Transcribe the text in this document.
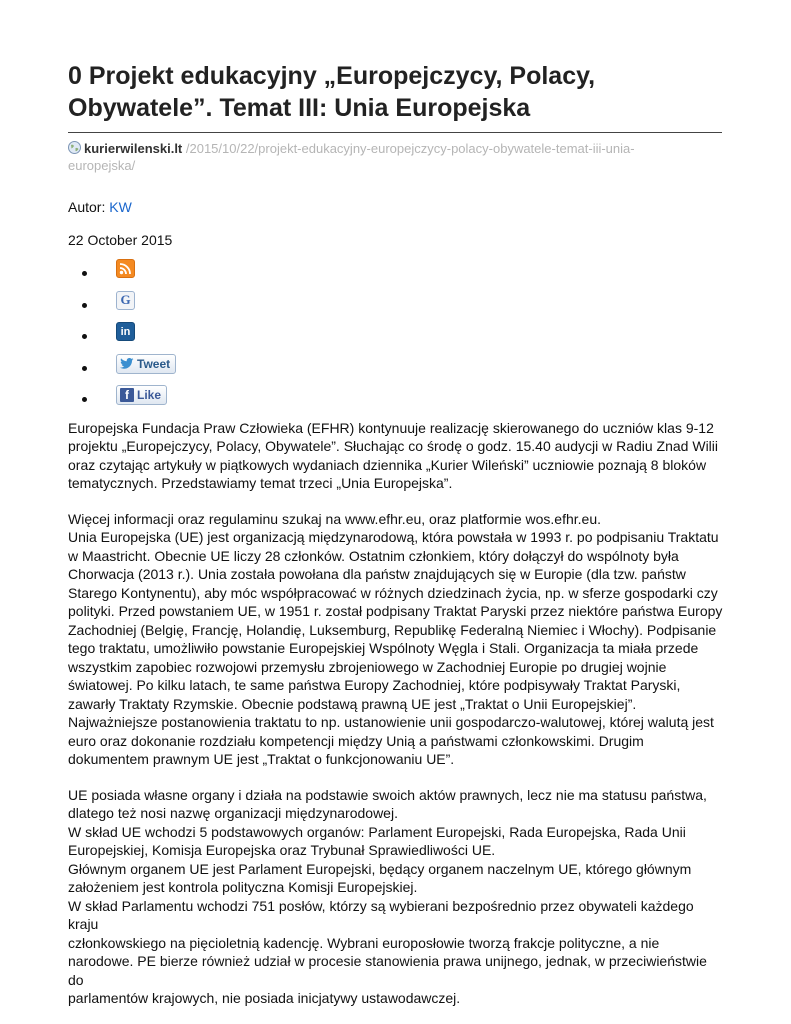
0 Projekt edukacyjny „Europejczycy, Polacy,
Obywatele”. Temat III: Unia Europejska
kurierwilenski.lt /2015/10/22/projekt-edukacyjny-europejczycy-polacy-obywatele-temat-iii-unia-
europejska/
Autor: KW
22 October 2015
G
in
Tweet
f Like

Europejska Fundacja Praw Człowieka (EFHR) kontynuuje realizację skierowanego do uczniów klas 9-12
projektu „Europejczycy, Polacy, Obywatele”. Słuchając co środę o godz. 15.40 audycji w Radiu Znad Wilii
oraz czytając artykuły w piątkowych wydaniach dziennika „Kurier Wileński” uczniowie poznają 8 bloków
tematycznych. Przedstawiamy temat trzeci „Unia Europejska”.

Więcej informacji oraz regulaminu szukaj na www.efhr.eu, oraz platformie wos.efhr.eu.
Unia Europejska (UE) jest organizacją międzynarodową, która powstała w 1993 r. po podpisaniu Traktatu
w Maastricht. Obecnie UE liczy 28 członków. Ostatnim członkiem, który dołączył do wspólnoty była
Chorwacja (2013 r.). Unia została powołana dla państw znajdujących się w Europie (dla tzw. państw
Starego Kontynentu), aby móc współpracować w różnych dziedzinach życia, np. w sferze gospodarki czy
polityki. Przed powstaniem UE, w 1951 r. został podpisany Traktat Paryski przez niektóre państwa Europy
Zachodniej (Belgię, Francję, Holandię, Luksemburg, Republikę Federalną Niemiec i Włochy). Podpisanie
tego traktatu, umożliwiło powstanie Europejskiej Wspólnoty Węgla i Stali. Organizacja ta miała przede
wszystkim zapobiec rozwojowi przemysłu zbrojeniowego w Zachodniej Europie po drugiej wojnie
światowej. Po kilku latach, te same państwa Europy Zachodniej, które podpisywały Traktat Paryski,
zawarły Traktaty Rzymskie. Obecnie podstawą prawną UE jest „Traktat o Unii Europejskiej”.
Najważniejsze postanowienia traktatu to np. ustanowienie unii gospodarczo-walutowej, której walutą jest
euro oraz dokonanie rozdziału kompetencji między Unią a państwami członkowskimi. Drugim
dokumentem prawnym UE jest „Traktat o funkcjonowaniu UE”.

UE posiada własne organy i działa na podstawie swoich aktów prawnych, lecz nie ma statusu państwa,
dlatego też nosi nazwę organizacji międzynarodowej.
W skład UE wchodzi 5 podstawowych organów: Parlament Europejski, Rada Europejska, Rada Unii
Europejskiej, Komisja Europejska oraz Trybunał Sprawiedliwości UE.
Głównym organem UE jest Parlament Europejski, będący organem naczelnym UE, którego głównym
założeniem jest kontrola polityczna Komisji Europejskiej.
W skład Parlamentu wchodzi 751 posłów, którzy są wybierani bezpośrednio przez obywateli każdego kraju
członkowskiego na pięcioletnią kadencję. Wybrani europosłowie tworzą frakcje polityczne, a nie
narodowe. PE bierze również udział w procesie stanowienia prawa unijnego, jednak, w przeciwieństwie do
parlamentów krajowych, nie posiada inicjatywy ustawodawczej.
